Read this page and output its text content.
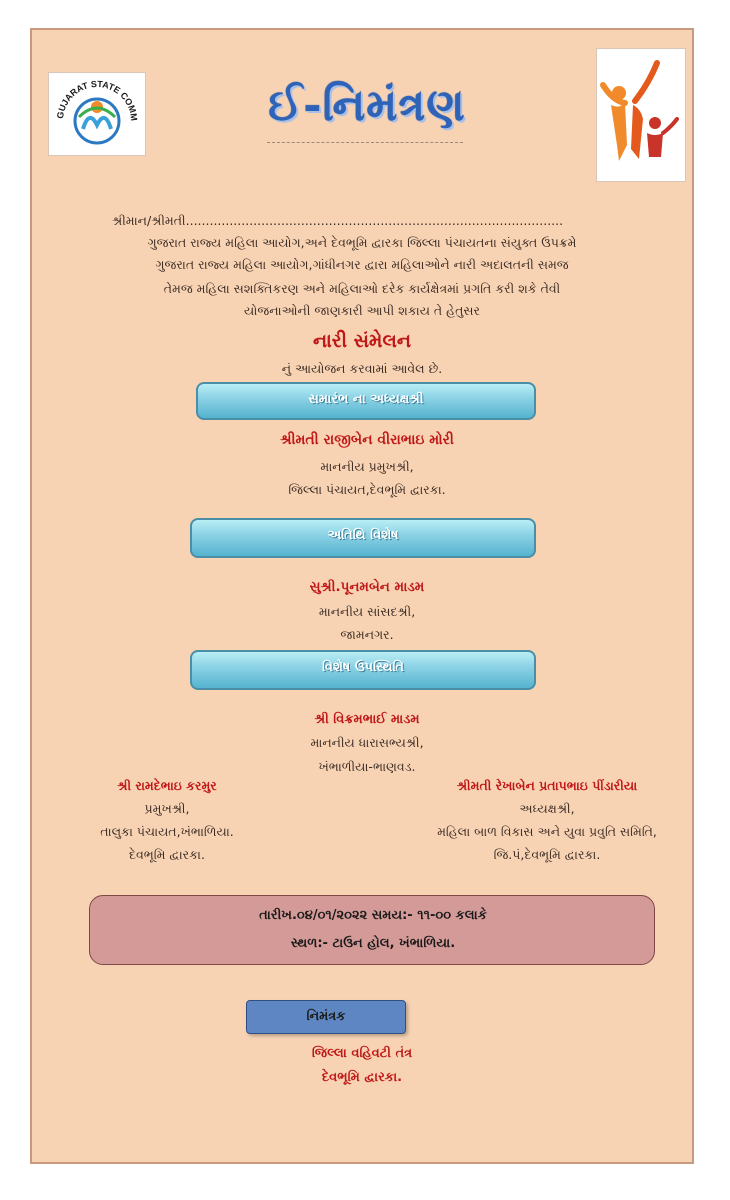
GUJARAT STATE COMM	ઈ-નિમંત્રણ
શ્રીમાન/શ્રીમતી...............................................................................................
ગુજરાત રાજ્ય મહિલા આયોગ,અને દેવભૂમિ દ્વારકા જિલ્લા પંચાયતના સંયુક્ત ઉપક્રમે
ગુજરાત રાજ્ય મહિલા આયોગ,ગાંધીનગર દ્વારા મહિલાઓને નારી અદાલતની સમજ
તેમજ મહિલા સશક્તિકરણ અને મહિલાઓ દરેક કાર્યક્ષેત્રમાં પ્રગતિ કરી શકે તેવી
યોજનાઓની જાણકારી આપી શકાય તે હેતુસર
નારી સંમેલન
નું આયોજન કરવામાં આવેલ છે.
સમારંભ ના અધ્યક્ષશ્રી
શ્રીમતી રાજીબેન વીરાભાઇ મોરી
માનનીય પ્રમુખશ્રી,
જિલ્લા પંચાયત,દેવભૂમિ દ્વારકા.
અતિથિ વિશેષ
સુશ્રી.પૂનમબેન માડમ
માનનીય સાંસદશ્રી,
જામનગર.
વિશેષ ઉપસ્થિતિ
શ્રી વિક્રમભાઈ માડમ
માનનીય ધારાસભ્યશ્રી,
ખંભાળીયા-ભાણવડ.
શ્રી રામદેભાઇ કરમુર
પ્રમુખશ્રી,
તાલુકા પંચાયત,ખંભાળિયા.
દેવભૂમિ દ્વારકા.
શ્રીમતી રેખાબેન પ્રતાપભાઇ પીંડારીયા
અધ્યક્ષશ્રી,
મહિલા બાળ વિકાસ અને યુવા પ્રવુતિ સમિતિ,
જિ.પં,દેવભૂમિ દ્વારકા.
તારીખ.૦૪/૦૧/૨૦૨૨ સમય:- ૧૧-૦૦ કલાકે
સ્થળ:- ટાઉન હોલ, ખંભાળિયા.
નિમંત્રક
જિલ્લા વહિવટી તંત્ર
દેવભૂમિ દ્વારકા.
